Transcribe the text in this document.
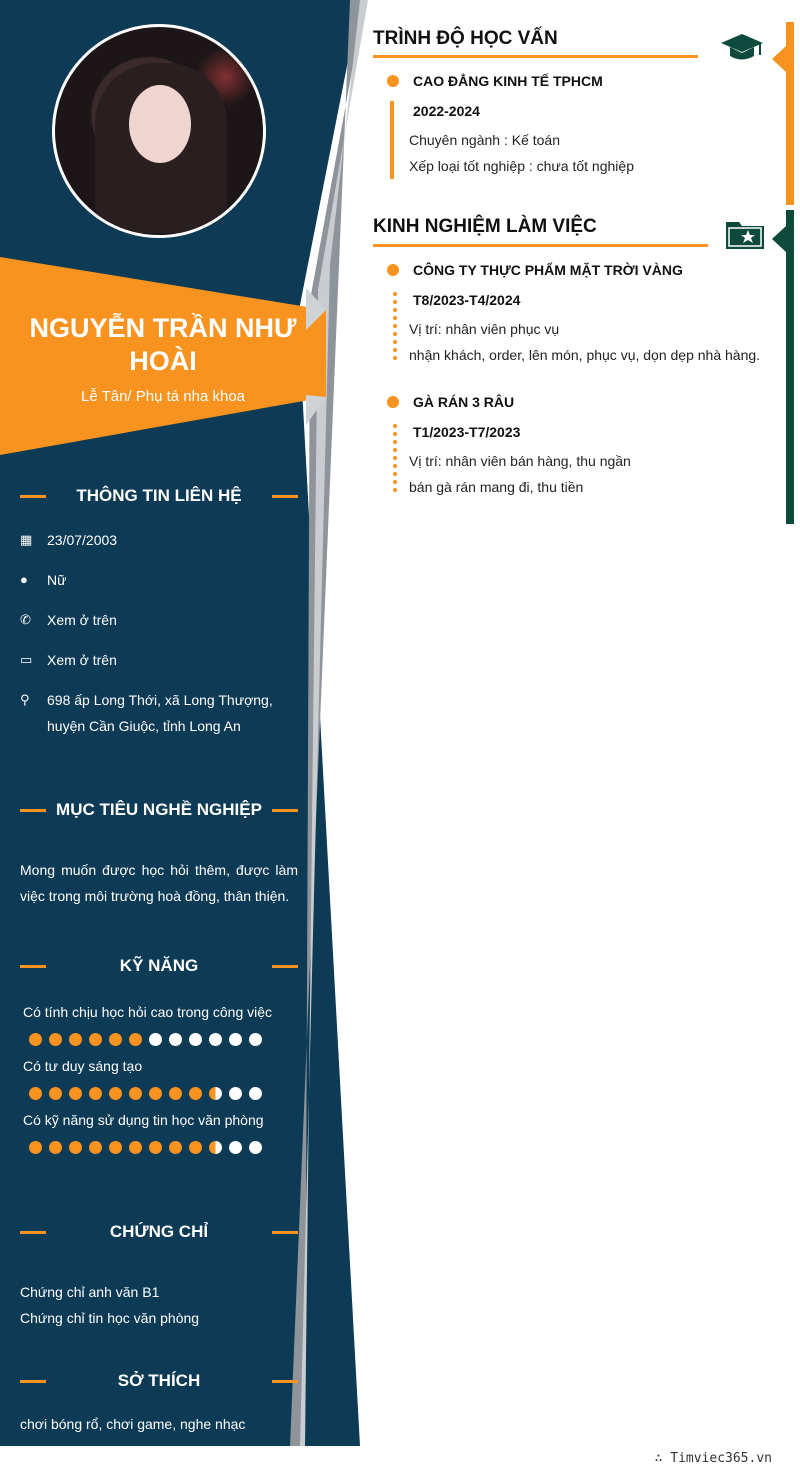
NGUYỄN TRẦN NHƯ HOÀI
Lễ Tân/ Phụ tá nha khoa
THÔNG TIN LIÊN HỆ
▦	23/07/2003
●	Nữ
✆	Xem ở trên
▭	Xem ở trên
⚲	698 ấp Long Thới, xã Long Thượng, huyện Cần Giuộc, tỉnh Long An
MỤC TIÊU NGHỀ NGHIỆP
Mong muốn được học hỏi thêm, được làm việc trong môi trường hoà đồng, thân thiện.
KỸ NĂNG
Có tính chịu học hỏi cao trong công việc
Có tư duy sáng tạo
Có kỹ năng sử dụng tin học văn phòng
CHỨNG CHỈ
Chứng chỉ anh văn B1
Chứng chỉ tin học văn phòng
SỞ THÍCH
chơi bóng rổ, chơi game, nghe nhạc
TRÌNH ĐỘ HỌC VẤN
CAO ĐẲNG KINH TẾ TPHCM
2022-2024
Chuyên ngành : Kế toán
Xếp loại tốt nghiệp : chưa tốt nghiệp
KINH NGHIỆM LÀM VIỆC
CÔNG TY THỰC PHẨM MẶT TRỜI VÀNG
T8/2023-T4/2024
Vị trí: nhân viên phục vụ
nhận khách, order, lên món, phục vụ, dọn dẹp nhà hàng.
GÀ RÁN 3 RÂU
T1/2023-T7/2023
Vị trí: nhân viên bán hàng, thu ngần
bán gà rán mang đi, thu tiền
∴ Timviec365.vn
